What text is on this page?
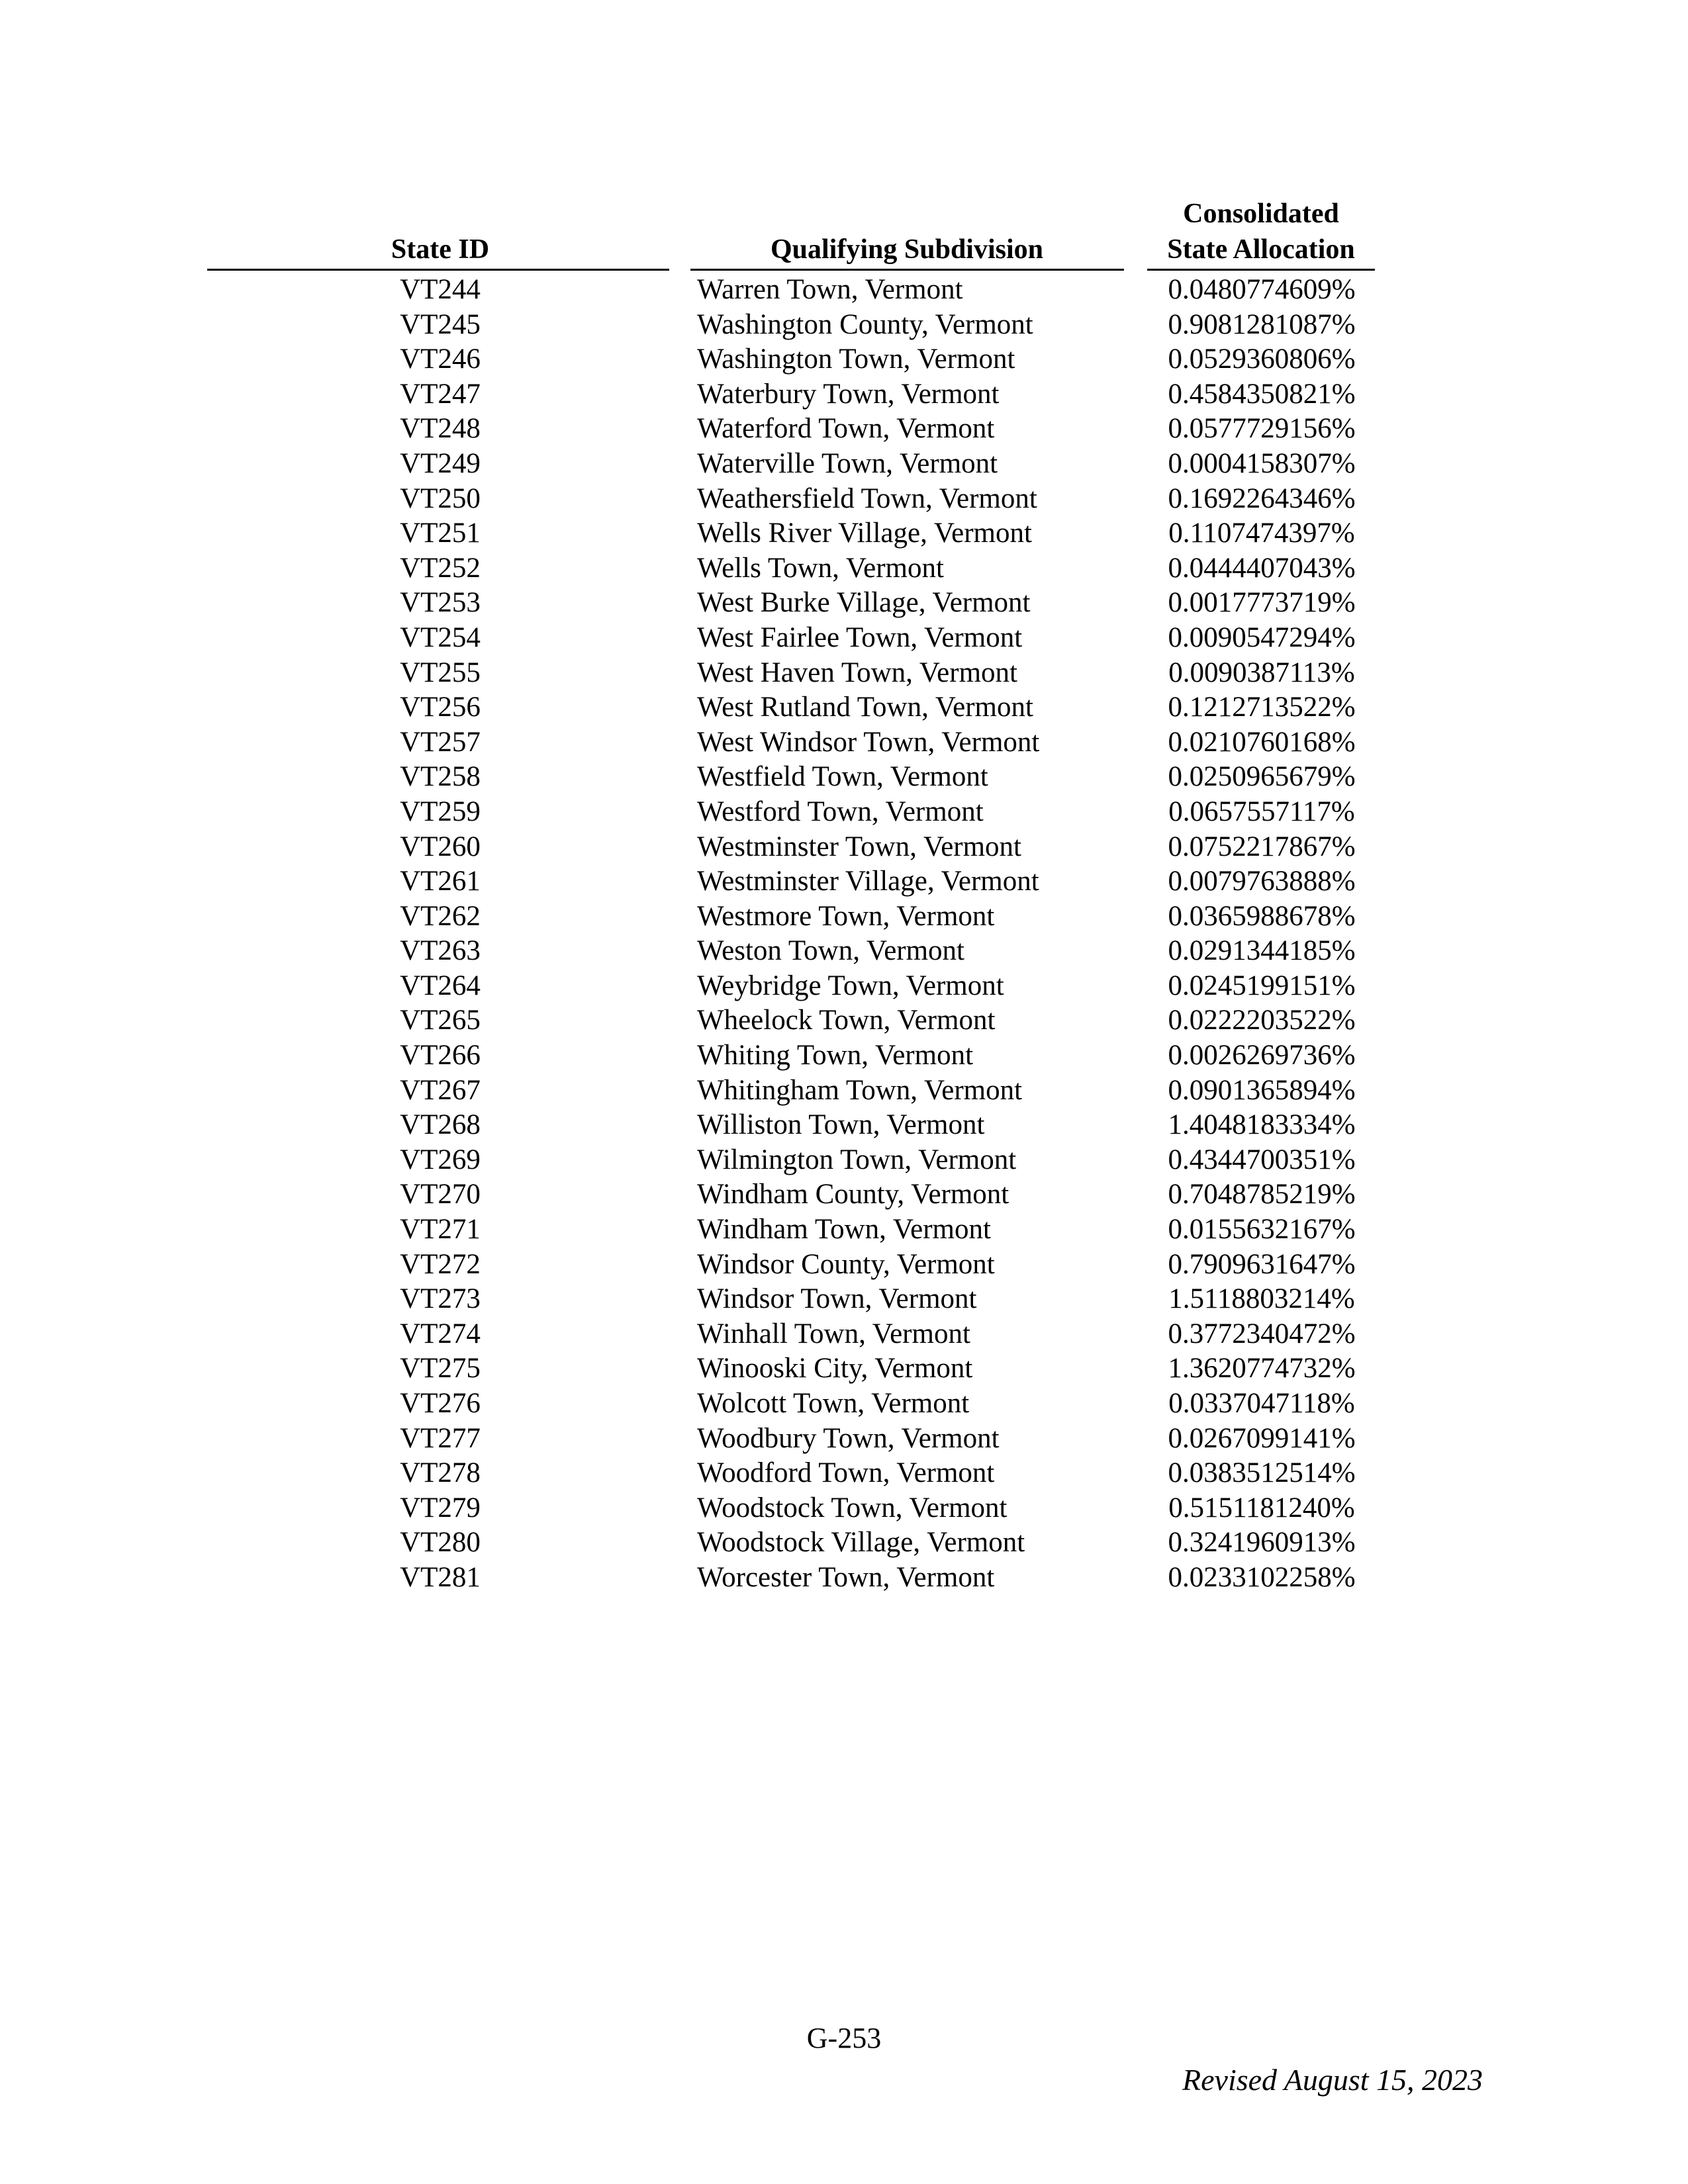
State ID	Qualifying Subdivision
Consolidated
State Allocation
VT244	Warren Town, Vermont	0.0480774609%
VT245	Washington County, Vermont	0.9081281087%
VT246	Washington Town, Vermont	0.0529360806%
VT247	Waterbury Town, Vermont	0.4584350821%
VT248	Waterford Town, Vermont	0.0577729156%
VT249	Waterville Town, Vermont	0.0004158307%
VT250	Weathersfield Town, Vermont	0.1692264346%
VT251	Wells River Village, Vermont	0.1107474397%
VT252	Wells Town, Vermont	0.0444407043%
VT253	West Burke Village, Vermont	0.0017773719%
VT254	West Fairlee Town, Vermont	0.0090547294%
VT255	West Haven Town, Vermont	0.0090387113%
VT256	West Rutland Town, Vermont	0.1212713522%
VT257	West Windsor Town, Vermont	0.0210760168%
VT258	Westfield Town, Vermont	0.0250965679%
VT259	Westford Town, Vermont	0.0657557117%
VT260	Westminster Town, Vermont	0.0752217867%
VT261	Westminster Village, Vermont	0.0079763888%
VT262	Westmore Town, Vermont	0.0365988678%
VT263	Weston Town, Vermont	0.0291344185%
VT264	Weybridge Town, Vermont	0.0245199151%
VT265	Wheelock Town, Vermont	0.0222203522%
VT266	Whiting Town, Vermont	0.0026269736%
VT267	Whitingham Town, Vermont	0.0901365894%
VT268	Williston Town, Vermont	1.4048183334%
VT269	Wilmington Town, Vermont	0.4344700351%
VT270	Windham County, Vermont	0.7048785219%
VT271	Windham Town, Vermont	0.0155632167%
VT272	Windsor County, Vermont	0.7909631647%
VT273	Windsor Town, Vermont	1.5118803214%
VT274	Winhall Town, Vermont	0.3772340472%
VT275	Winooski City, Vermont	1.3620774732%
VT276	Wolcott Town, Vermont	0.0337047118%
VT277	Woodbury Town, Vermont	0.0267099141%
VT278	Woodford Town, Vermont	0.0383512514%
VT279	Woodstock Town, Vermont	0.5151181240%
VT280	Woodstock Village, Vermont	0.3241960913%
VT281	Worcester Town, Vermont	0.0233102258%
G-253
Revised August 15, 2023
